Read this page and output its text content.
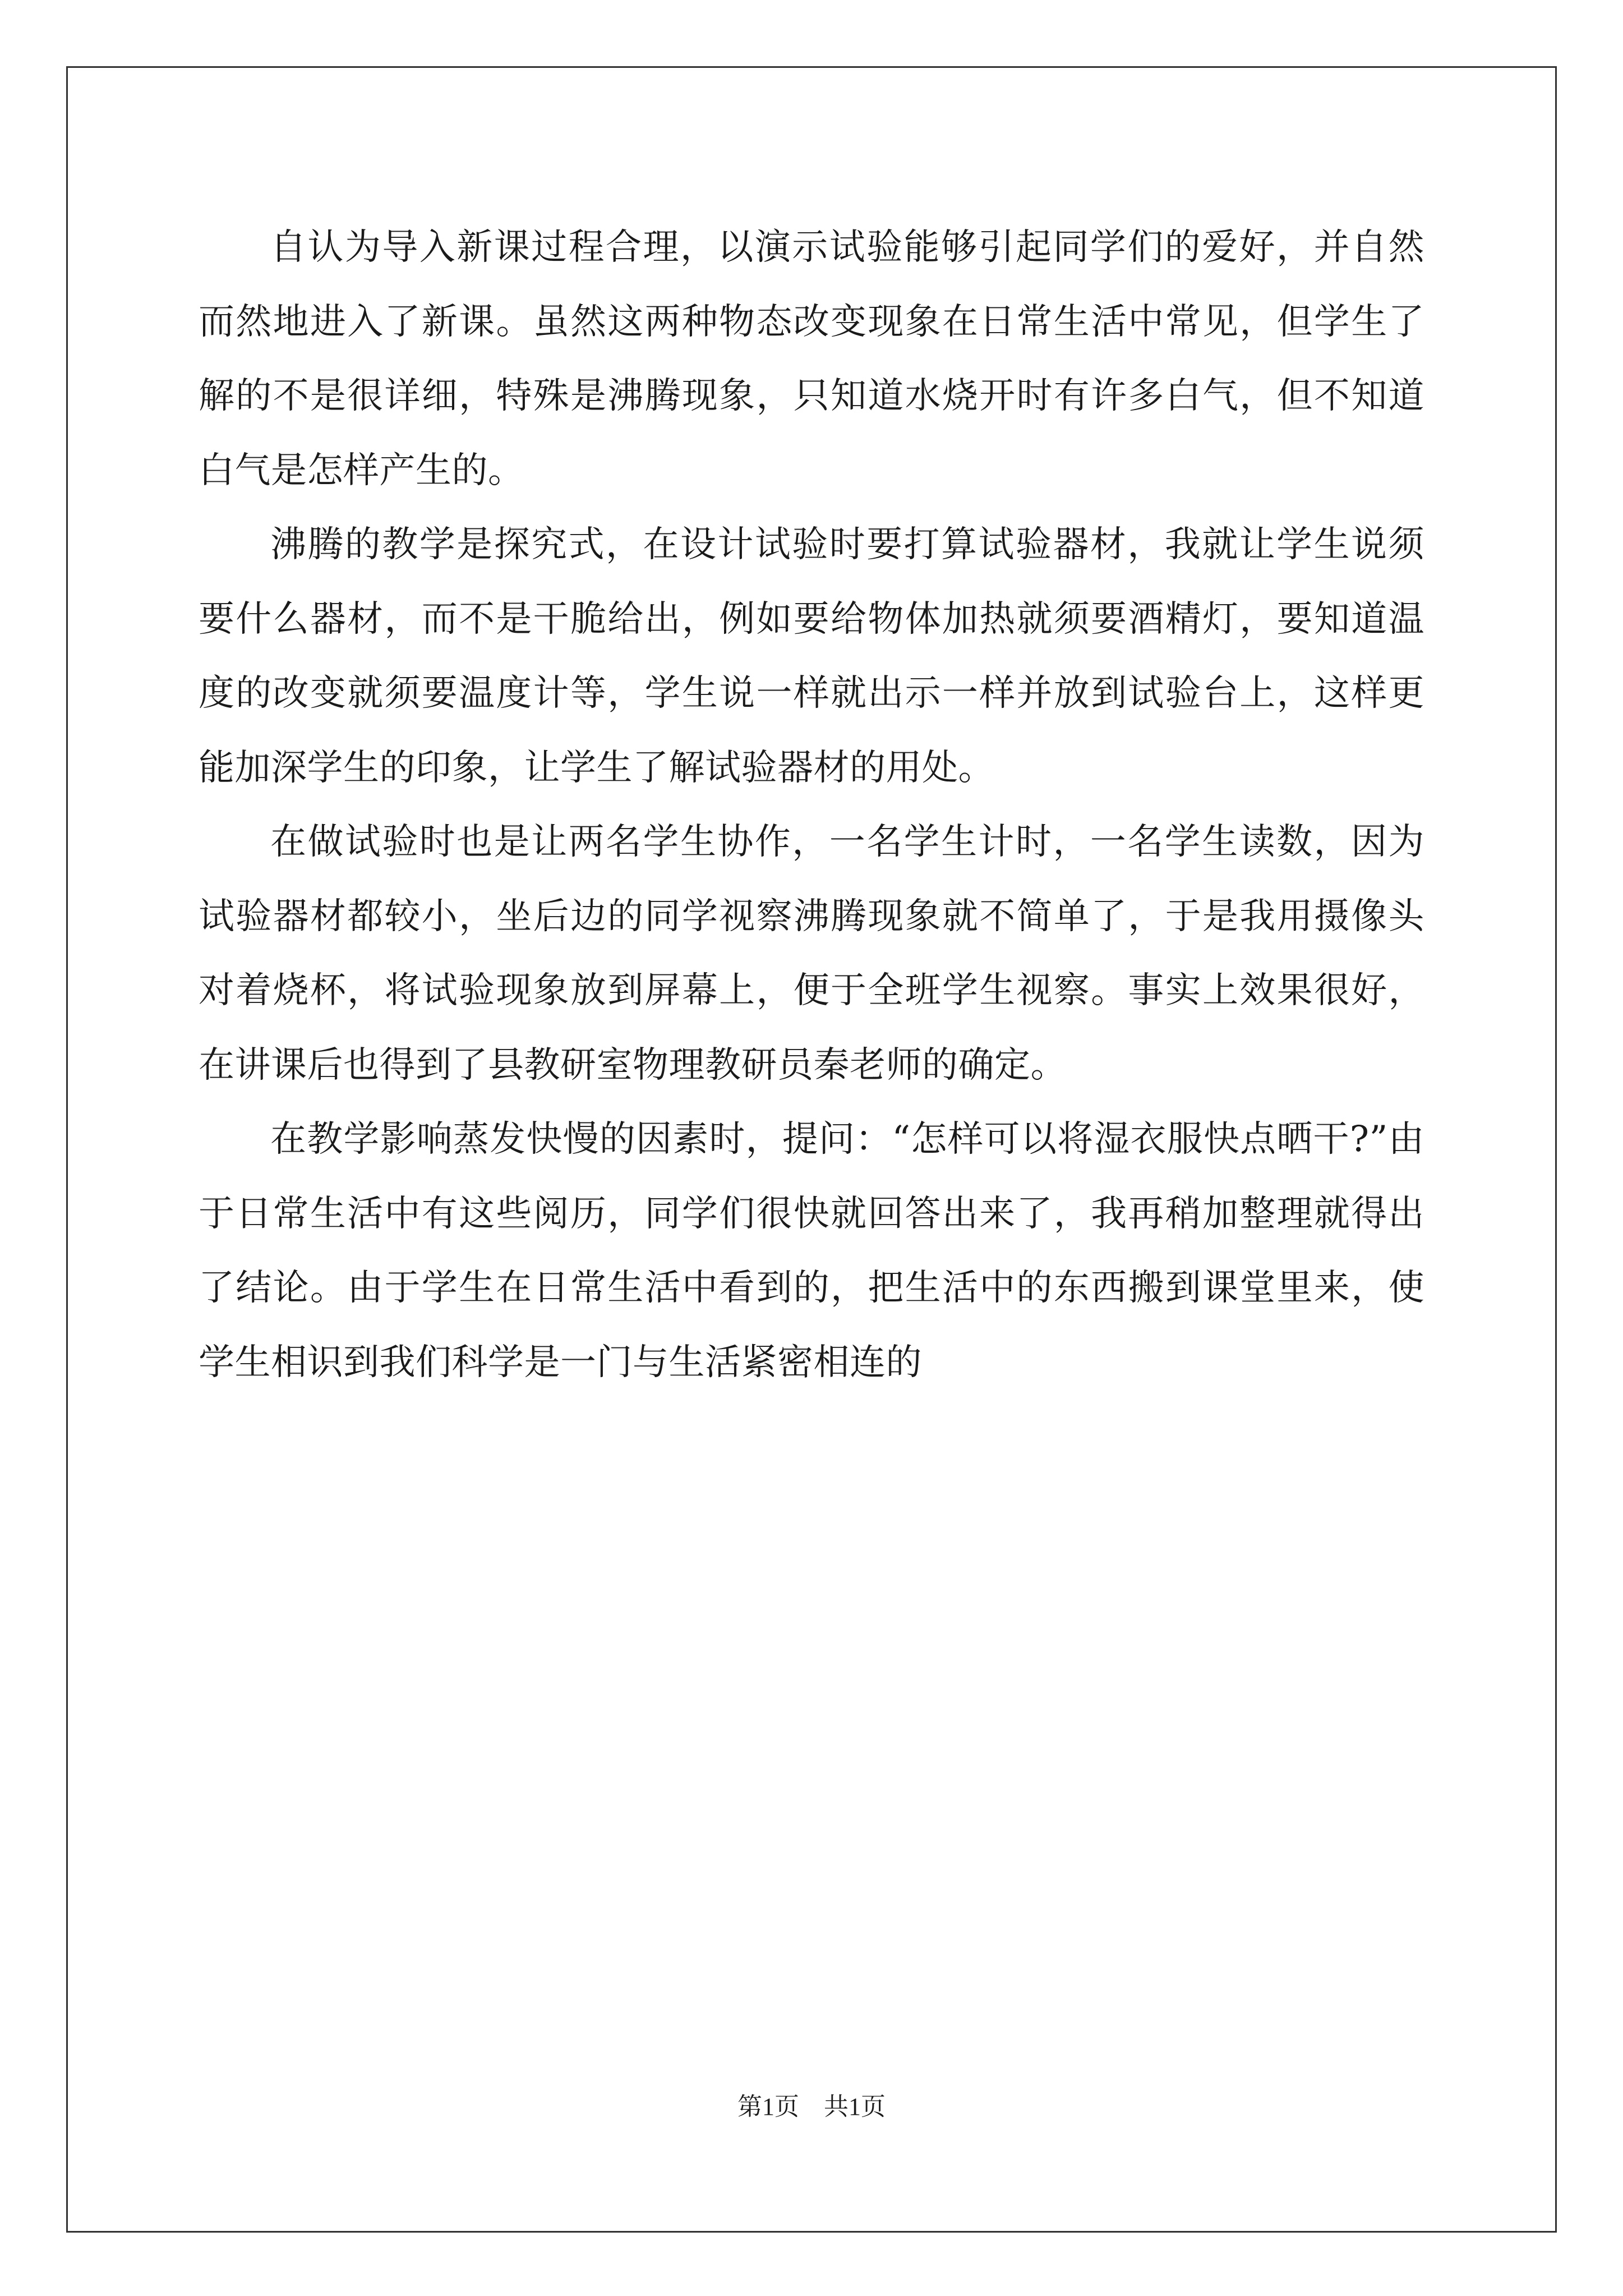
自认为导入新课过程合理，以演示试验能够引起同学们的爱好，并自然而然地进入了新课。虽然这两种物态改变现象在日常生活中常见，但学生了解的不是很详细，特殊是沸腾现象，只知道水烧开时有许多白气，但不知道白气是怎样产生的。

沸腾的教学是探究式，在设计试验时要打算试验器材，我就让学生说须要什么器材，而不是干脆给出，例如要给物体加热就须要酒精灯，要知道温度的改变就须要温度计等，学生说一样就出示一样并放到试验台上，这样更能加深学生的印象，让学生了解试验器材的用处。

在做试验时也是让两名学生协作，一名学生计时，一名学生读数，因为试验器材都较小，坐后边的同学视察沸腾现象就不简单了，于是我用摄像头对着烧杯，将试验现象放到屏幕上，便于全班学生视察。事实上效果很好，在讲课后也得到了县教研室物理教研员秦老师的确定。

在教学影响蒸发快慢的因素时，提问：“怎样可以将湿衣服快点晒干?”由于日常生活中有这些阅历，同学们很快就回答出来了，我再稍加整理就得出了结论。由于学生在日常生活中看到的，把生活中的东西搬到课堂里来，使学生相识到我们科学是一门与生活紧密相连的

第1页　共1页
